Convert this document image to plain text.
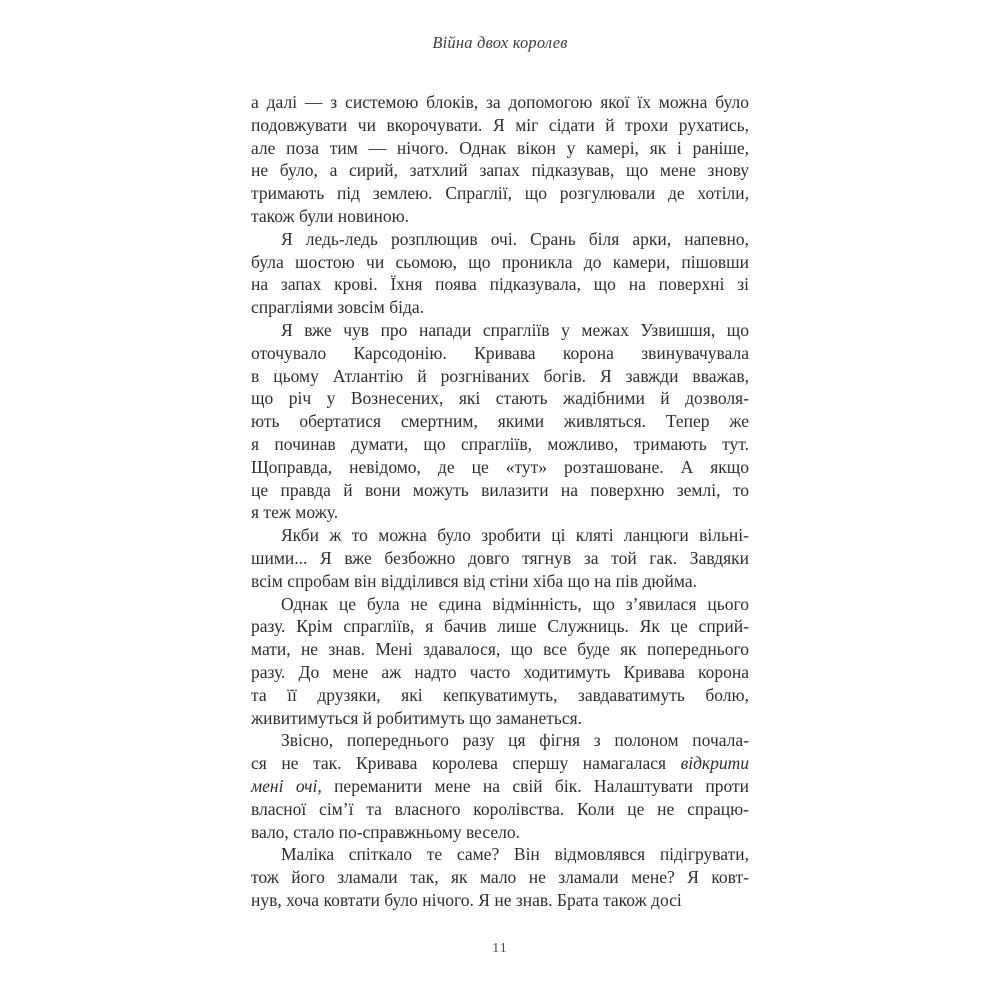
Війна двох королев
а далі — з системою блоків, за допомогою якої їх можна було
подовжувати чи вкорочувати. Я міг сідати й трохи рухатись,
але поза тим — нічого. Однак вікон у камері, як і раніше,
не було, а сирий, затхлий запах підказував, що мене знову
тримають під землею. Спраглії, що розгулювали де хотіли,
також були новиною.
Я ледь-ледь розплющив очі. Срань біля арки, напевно,
була шостою чи сьомою, що проникла до камери, пішовши
на запах крові. Їхня поява підказувала, що на поверхні зі
спрагліями зовсім біда.
Я вже чув про напади спрагліїв у межах Узвишшя, що
оточувало Карсодонію. Кривава корона звинувачувала
в цьому Атлантію й розгніваних богів. Я завжди вважав,
що річ у Вознесених, які стають жадібними й дозволя-
ють обертатися смертним, якими живляться. Тепер же
я починав думати, що спрагліїв, можливо, тримають тут.
Щоправда, невідомо, де це «тут» розташоване. А якщо
це правда й вони можуть вилазити на поверхню землі, то
я теж можу.
Якби ж то можна було зробити ці кляті ланцюги вільні-
шими... Я вже безбожно довго тягнув за той гак. Завдяки
всім спробам він відділився від стіни хіба що на пів дюйма.
Однак це була не єдина відмінність, що з’явилася цього
разу. Крім спрагліїв, я бачив лише Служниць. Як це сприй-
мати, не знав. Мені здавалося, що все буде як попереднього
разу. До мене аж надто часто ходитимуть Кривава корона
та її друзяки, які кепкуватимуть, завдаватимуть болю,
живитимуться й робитимуть що заманеться.
Звісно, попереднього разу ця фігня з полоном почала-
ся не так. Кривава королева спершу намагалася відкрити
мені очі, переманити мене на свій бік. Налаштувати проти
власної сім’ї та власного королівства. Коли це не спрацю-
вало, стало по-справжньому весело.
Маліка спіткало те саме? Він відмовлявся підігрувати,
тож його зламали так, як мало не зламали мене? Я ковт-
нув, хоча ковтати було нічого. Я не знав. Брата також досі
11
